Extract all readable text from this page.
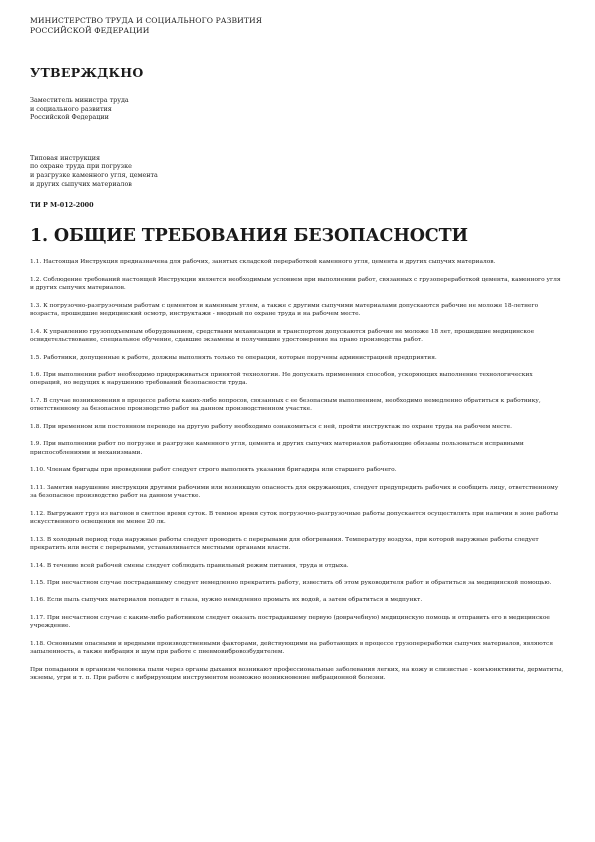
МИНИСТЕРСТВО ТРУДА И СОЦИАЛЬНОГО РАЗВИТИЯ
РОССИЙСКОЙ ФЕДЕРАЦИИ
УТВЕРЖДКНО
Заместитель министра труда
и социального развития
Российской Федерации
Типовая инструкция
по охране труда при погрузке
и разгрузке каменного угля, цемента
и других сыпучих материалов
ТИ Р М-012-2000
1. ОБЩИЕ ТРЕБОВАНИЯ БЕЗОПАСНОСТИ

1.1. Настоящая Инструкция предназначена для рабочих, занятых складской переработкой каменного угля, цемента и других сыпучих материалов.

1.2. Соблюдение требований настоящей Инструкции является необходимым условием при выполнении работ, связанных с грузопереработкой цемента, каменного угля и других сыпучих материалов.

1.3. К погрузочно-разгрузочным работам с цементом и каменным углем, а также с другими сыпучими материалами допускаются рабочие не моложе 18-летнего возраста, прошедшие медицинский осмотр, инструктажи - вводный по охране труда и на рабочем месте.

1.4. К управлению грузоподъемным оборудованием, средствами механизации и транспортом допускаются рабочие не моложе 18 лет, прошедшие медицинское освидетельствование, специальное обучение, сдавшие экзамены и получившие удостоверение на право производства работ.

1.5. Работники, допущенные к работе, должны выполнять только те операции, которые поручены администрацией предприятия.

1.6. При выполнении работ необходимо придерживаться принятой технологии. Не допускать применения способов, ускоряющих выполнение технологических операций, но ведущих к нарушению требований безопасности труда.

1.7. В случае возникновения в процессе работы каких-либо вопросов, связанных с ее безопасным выполнением, необходимо немедленно обратиться к работнику, ответственному за безопасное производство работ на данном производственном участке.

1.8. При временном или постоянном переводе на другую работу необходимо ознакомиться с ней, пройти инструктаж по охране труда на рабочем месте.

1.9. При выполнении работ по погрузке и разгрузке каменного угля, цемента и других сыпучих материалов работающие обязаны пользоваться исправными приспособлениями и механизмами.

1.10. Членам бригады при проведении работ следует строго выполнять указания бригадира или старшего рабочего.

1.11. Заметив нарушение инструкции другими рабочими или возникшую опасность для окружающих, следует предупредить рабочих и сообщить лицу, ответственному за безопасное производство работ на данном участке.

1.12. Выгружают груз из вагонов в светлое время суток. В темное время суток погрузочно-разгрузочные работы допускается осуществлять при наличии в зоне работы искусственного освещения не менее 20 лк.

1.13. В холодный период года наружные работы следует проводить с перерывами для обогревания. Температуру воздуха, при которой наружные работы следует прекратить или вести с перерывами, устанавливается местными органами власти.

1.14. В течение всей рабочей смены следует соблюдать правильный режим питания, труда и отдыха.

1.15. При несчастном случае пострадавшему следует немедленно прекратить работу, известить об этом руководителя работ и обратиться за медицинской помощью.

1.16. Если пыль сыпучих материалов попадет в глаза, нужно немедленно промыть их водой, а затем обратиться в медпункт.

1.17. При несчастном случае с каким-либо работником следует оказать пострадавшему первую (доврачебную) медицинскую помощь и отправить его в медицинское учреждение.

1.18. Основными опасными и вредными производственными факторами, действующими на работающих в процессе грузопереработки сыпучих материалов, являются запыленность, а также вибрация и шум при работе с пневмовибровозбудителем.

При попадании в организм человека пыли через органы дыхания возникают профессиональные заболевания легких, на кожу и слизистые - конъюнктивиты, дерматиты, экземы, угри и т. п. При работе с вибрирующим инструментом возможно возникновение вибрационной болезни.
